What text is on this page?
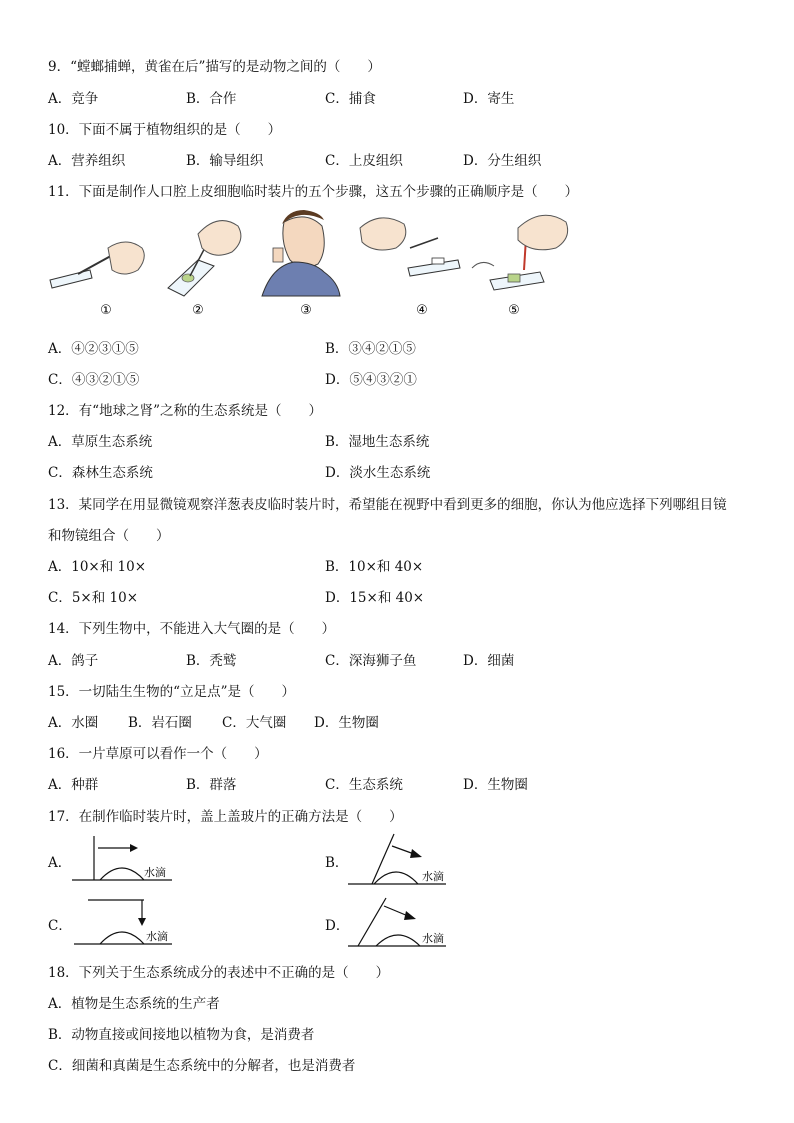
9．“螳螂捕蝉，黄雀在后”描写的是动物之间的（　　）
A．竞争	B．合作	C．捕食	D．寄生
10．下面不属于植物组织的是（　　）
A．营养组织	B．输导组织	C．上皮组织	D．分生组织
11．下面是制作人口腔上皮细胞临时装片的五个步骤，这五个步骤的正确顺序是（　　）
①	②	③	④	⑤
A．④②③①⑤	B．③④②①⑤
C．④③②①⑤	D．⑤④③②①
12．有“地球之肾”之称的生态系统是（　　）
A．草原生态系统	B．湿地生态系统
C．森林生态系统	D．淡水生态系统
13．某同学在用显微镜观察洋葱表皮临时装片时，希望能在视野中看到更多的细胞，你认为他应选择下列哪组目镜
和物镜组合（　　）
A．10×和 10×	B．10×和 40×
C．5×和 10×	D．15×和 40×
14．下列生物中，不能进入大气圈的是（　　）
A．鸽子	B．秃鹫	C．深海狮子鱼	D．细菌
15．一切陆生生物的“立足点”是（　　）
A．水圈 B．岩石圈 C．大气圈 D．生物圈
16．一片草原可以看作一个（　　）
A．种群	B．群落	C．生态系统	D．生物圈
17．在制作临时装片时，盖上盖玻片的正确方法是（　　）
A．
水滴
B．
水滴
C．
水滴
D．
水滴
18．下列关于生态系统成分的表述中不正确的是（　　）
A．植物是生态系统的生产者
B．动物直接或间接地以植物为食，是消费者
C．细菌和真菌是生态系统中的分解者，也是消费者
